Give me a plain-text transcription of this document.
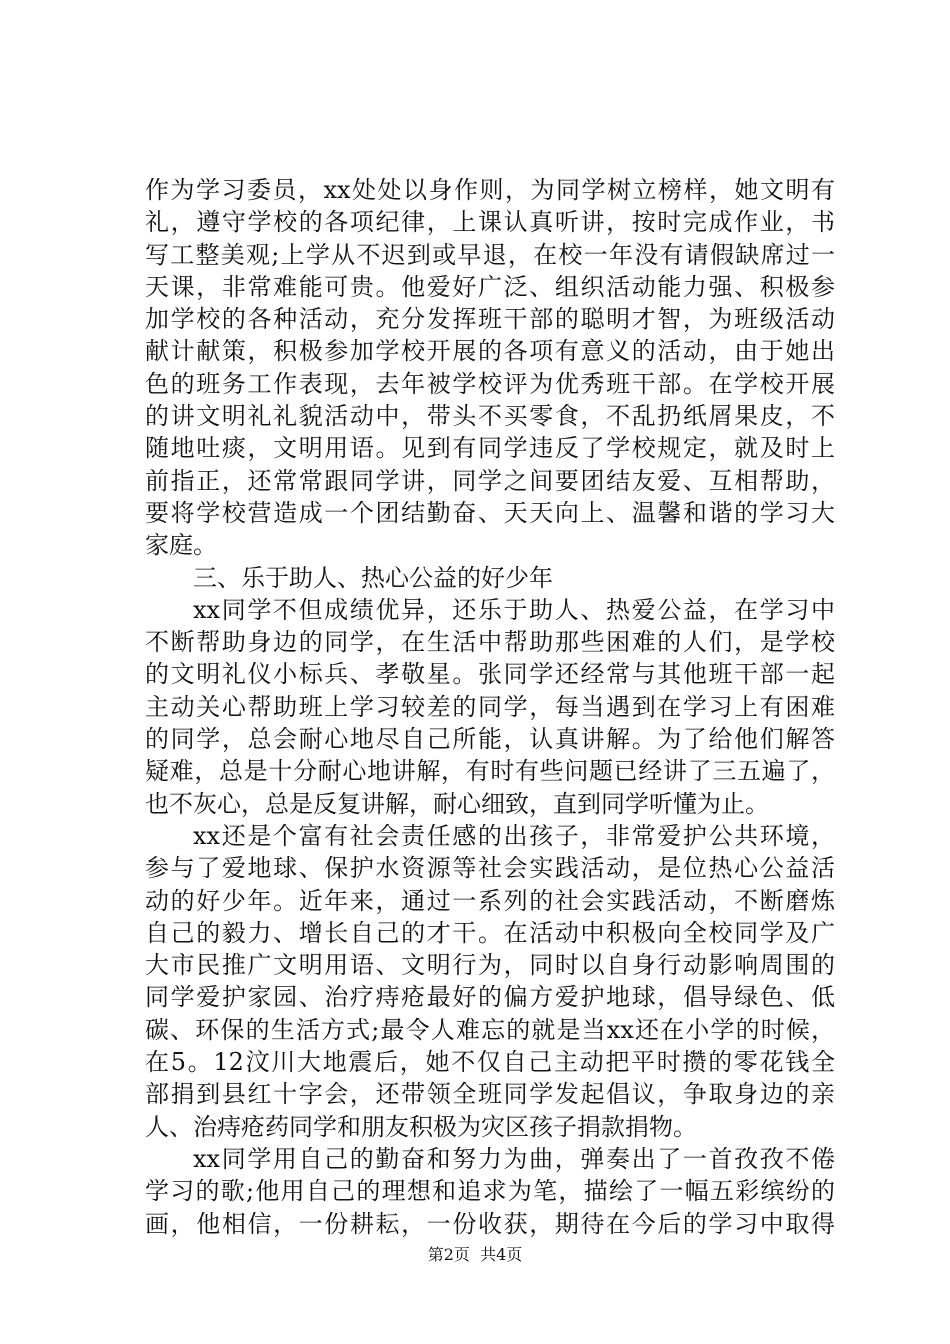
作为学习委员，xx处处以身作则，为同学树立榜样，她文明有
礼，遵守学校的各项纪律，上课认真听讲，按时完成作业，书
写工整美观;上学从不迟到或早退，在校一年没有请假缺席过一
天课，非常难能可贵。他爱好广泛、组织活动能力强、积极参
加学校的各种活动，充分发挥班干部的聪明才智，为班级活动
献计献策，积极参加学校开展的各项有意义的活动，由于她出
色的班务工作表现，去年被学校评为优秀班干部。在学校开展
的讲文明礼礼貌活动中，带头不买零食，不乱扔纸屑果皮，不
随地吐痰，文明用语。见到有同学违反了学校规定，就及时上
前指正，还常常跟同学讲，同学之间要团结友爱、互相帮助，
要将学校营造成一个团结勤奋、天天向上、温馨和谐的学习大
家庭。
三、乐于助人、热心公益的好少年
xx同学不但成绩优异，还乐于助人、热爱公益，在学习中
不断帮助身边的同学，在生活中帮助那些困难的人们，是学校
的文明礼仪小标兵、孝敬星。张同学还经常与其他班干部一起
主动关心帮助班上学习较差的同学，每当遇到在学习上有困难
的同学，总会耐心地尽自己所能，认真讲解。为了给他们解答
疑难，总是十分耐心地讲解，有时有些问题已经讲了三五遍了，
也不灰心，总是反复讲解，耐心细致，直到同学听懂为止。
xx还是个富有社会责任感的出孩子，非常爱护公共环境，
参与了爱地球、保护水资源等社会实践活动，是位热心公益活
动的好少年。近年来，通过一系列的社会实践活动，不断磨炼
自己的毅力、增长自己的才干。在活动中积极向全校同学及广
大市民推广文明用语、文明行为，同时以自身行动影响周围的
同学爱护家园、治疗痔疮最好的偏方爱护地球，倡导绿色、低
碳、环保的生活方式;最令人难忘的就是当xx还在小学的时候，
在5。12汶川大地震后，她不仅自己主动把平时攒的零花钱全
部捐到县红十字会，还带领全班同学发起倡议，争取身边的亲
人、治痔疮药同学和朋友积极为灾区孩子捐款捐物。
xx同学用自己的勤奋和努力为曲，弹奏出了一首孜孜不倦
学习的歌;他用自己的理想和追求为笔，描绘了一幅五彩缤纷的
画，他相信，一份耕耘，一份收获，期待在今后的学习中取得
第2页 共4页
